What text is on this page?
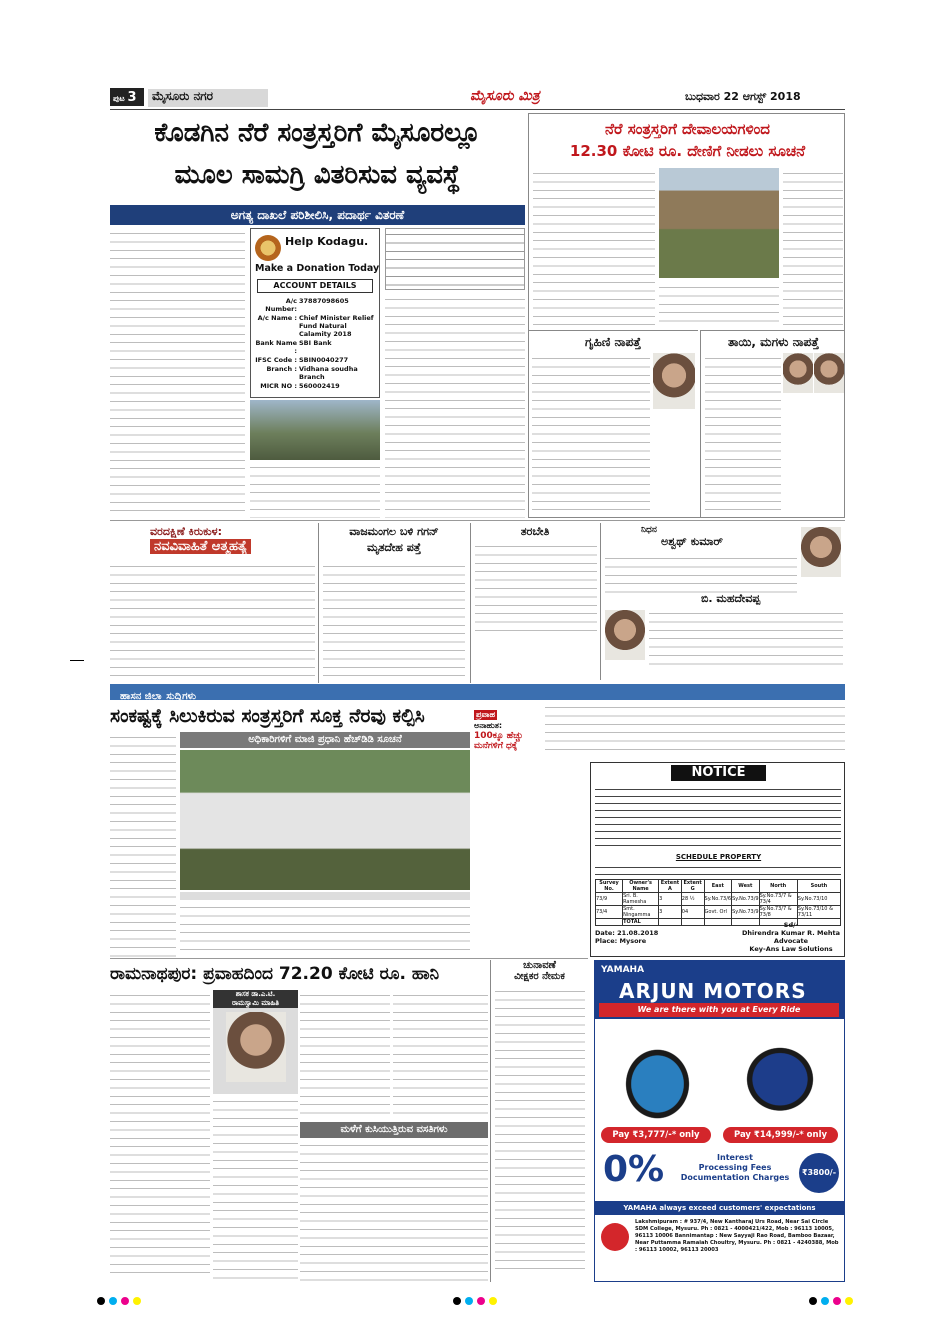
ಪುಟ 3	ಮೈಸೂರು ನಗರ	ಮೈಸೂರು ಮಿತ್ರ	ಬುಧವಾರ 22 ಆಗಸ್ಟ್ 2018
ಕೊಡಗಿನ ನೆರೆ ಸಂತ್ರಸ್ತರಿಗೆ ಮೈಸೂರಲ್ಲೂ
ಮೂಲ ಸಾಮಗ್ರಿ ವಿತರಿಸುವ ವ್ಯವಸ್ಥೆ
ಅಗತ್ಯ ದಾಖಲೆ ಪರಿಶೀಲಿಸಿ, ಪದಾರ್ಥ ವಿತರಣೆ
Help Kodagu.
Make a Donation Today
ACCOUNT DETAILS
A/c Number:
37887098605
A/c Name : Chief Minister Relief Fund Natural Calamity 2018
Bank Name :
SBI Bank
IFSC Code : SBIN0040277
Branch : Vidhana soudha Branch
MICR NO : 560002419
ನೆರೆ ಸಂತ್ರಸ್ತರಿಗೆ ದೇವಾಲಯಗಳಿಂದ
12.30 ಕೋಟಿ ರೂ. ದೇಣಿಗೆ ನೀಡಲು ಸೂಚನೆ
ಗೃಹಿಣಿ ನಾಪತ್ತೆ	ತಾಯಿ, ಮಗಳು ನಾಪತ್ತೆ
ವರದಕ್ಷಿಣೆ ಕಿರುಕುಳ:
ನವವಿವಾಹಿತೆ ಆತ್ಮಹತ್ಯೆ
ವಾಜಮಂಗಲ ಬಳಿ ಗಗನ್
ಮೃತದೇಹ ಪತ್ತೆ
ತರಬೇತಿ	ನಿಧನ
ಅಶ್ವಥ್ ಕುಮಾರ್
ಬಿ. ಮಹದೇವಪ್ಪ
ಹಾಸನ ಜಿಲ್ಲಾ ಸುದ್ದಿಗಳು
ಸಂಕಷ್ಟಕ್ಕೆ ಸಿಲುಕಿರುವ ಸಂತ್ರಸ್ತರಿಗೆ ಸೂಕ್ತ ನೆರವು ಕಲ್ಪಿಸಿ
ಅಧಿಕಾರಿಗಳಿಗೆ ಮಾಜಿ ಪ್ರಧಾನಿ ಹೆಚ್‌ಡಿಡಿ ಸೂಚನೆ
ಪ್ರವಾಹ
ಅನಾಹುತ:
100ಕ್ಕೂ ಹೆಚ್ಚು
ಮನೆಗಳಿಗೆ ಧಕ್ಕೆ
NOTICE
SCHEDULE PROPERTY
Survey No.	Owner's Name	Extent A	Extent G	East	West	North	South
73/9	Sri. B. Ramesha	3	28 ½	Sy.No.73/6	Sy.No.73/9	Sy.No.73/7 & 73/4	Sy.No.73/10
73/4	Smt. Ningamma	3	04	Govt. Orl	Sy.No.73/9	Sy.No.73/7 & 73/8	Sy.No.73/10 & 73/11
	TOTAL						
Date: 21.08.2018
Place: Mysore
Sd/-
Dhirendra Kumar R. Mehta
Advocate
Key-Ans Law Solutions
ರಾಮನಾಥಪುರ: ಪ್ರವಾಹದಿಂದ 72.20 ಕೋಟಿ ರೂ. ಹಾನಿ
ಶಾಸಕ ಡಾ.ಎ.ಟಿ.
ರಾಮಸ್ವಾಮಿ ಮಾಹಿತಿ
ಮಳೆಗೆ ಕುಸಿಯುತ್ತಿರುವ ವಸತಿಗಳು
ಚುನಾವಣೆ
ವೀಕ್ಷಕರ ನೇಮಕ
YAMAHA
ARJUN MOTORS
We are there with you at Every Ride
Pay ₹3,777/-* only	Pay ₹14,999/-* only
0%	Interest
Processing Fees
Documentation Charges
₹3800/-
YAMAHA always exceed customers' expectations
Lakshmipuram : # 937/4, New Kantharaj Urs Road, Near Sai Circle SDM College, Mysuru. Ph : 0821 - 4000421/422, Mob : 96113 10005, 96113 10006 Bannimantap : New Sayyaji Rao Road, Bamboo Bazaar, Near Puttamma Ramaiah Choultry, Mysuru. Ph : 0821 - 4240388, Mob : 96113 10002, 96113 20003
